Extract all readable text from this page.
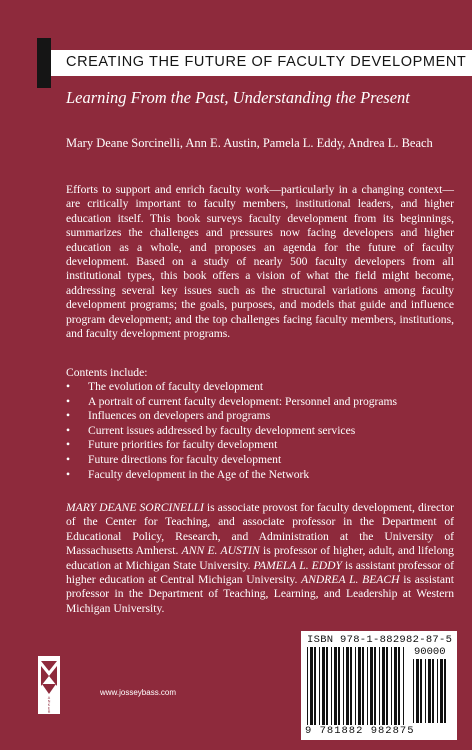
CREATING THE FUTURE OF FACULTY DEVELOPMENT
Learning From the Past, Understanding the Present
Mary Deane Sorcinelli, Ann E. Austin, Pamela L. Eddy, Andrea L. Beach

Efforts to support and enrich faculty work—particularly in a changing context—are critically important to faculty members, institutional leaders, and higher education itself. This book surveys faculty development from its beginnings, summarizes the challenges and pressures now facing developers and higher education as a whole, and proposes an agenda for the future of faculty development. Based on a study of nearly 500 faculty developers from all institutional types, this book offers a vision of what the field might become, addressing several key issues such as the structural variations among faculty development programs; the goals, purposes, and models that guide and influence program development; and the top challenges facing faculty members, institutions, and faculty development programs.

Contents include:
• The evolution of faculty development
• A portrait of current faculty development: Personnel and programs
• Influences on developers and programs
• Current issues addressed by faculty development services
• Future priorities for faculty development
• Future directions for faculty development
• Faculty development in the Age of the Network

MARY DEANE SORCINELLI is associate provost for faculty development, director of the Center for Teaching, and associate professor in the Department of Educational Policy, Research, and Administration at the University of Massachusetts Amherst. ANN E. AUSTIN is professor of higher, adult, and lifelong education at Michigan State University. PAMELA L. EDDY is assistant professor of higher education at Central Michigan University. ANDREA L. BEACH is assistant professor in the Department of Teaching, Learning, and Leadership at Western Michigan University.

A
N
K
E
R
www.josseybass.com
ISBN 978-1-882982-87-5
90000
9 781882 982875
